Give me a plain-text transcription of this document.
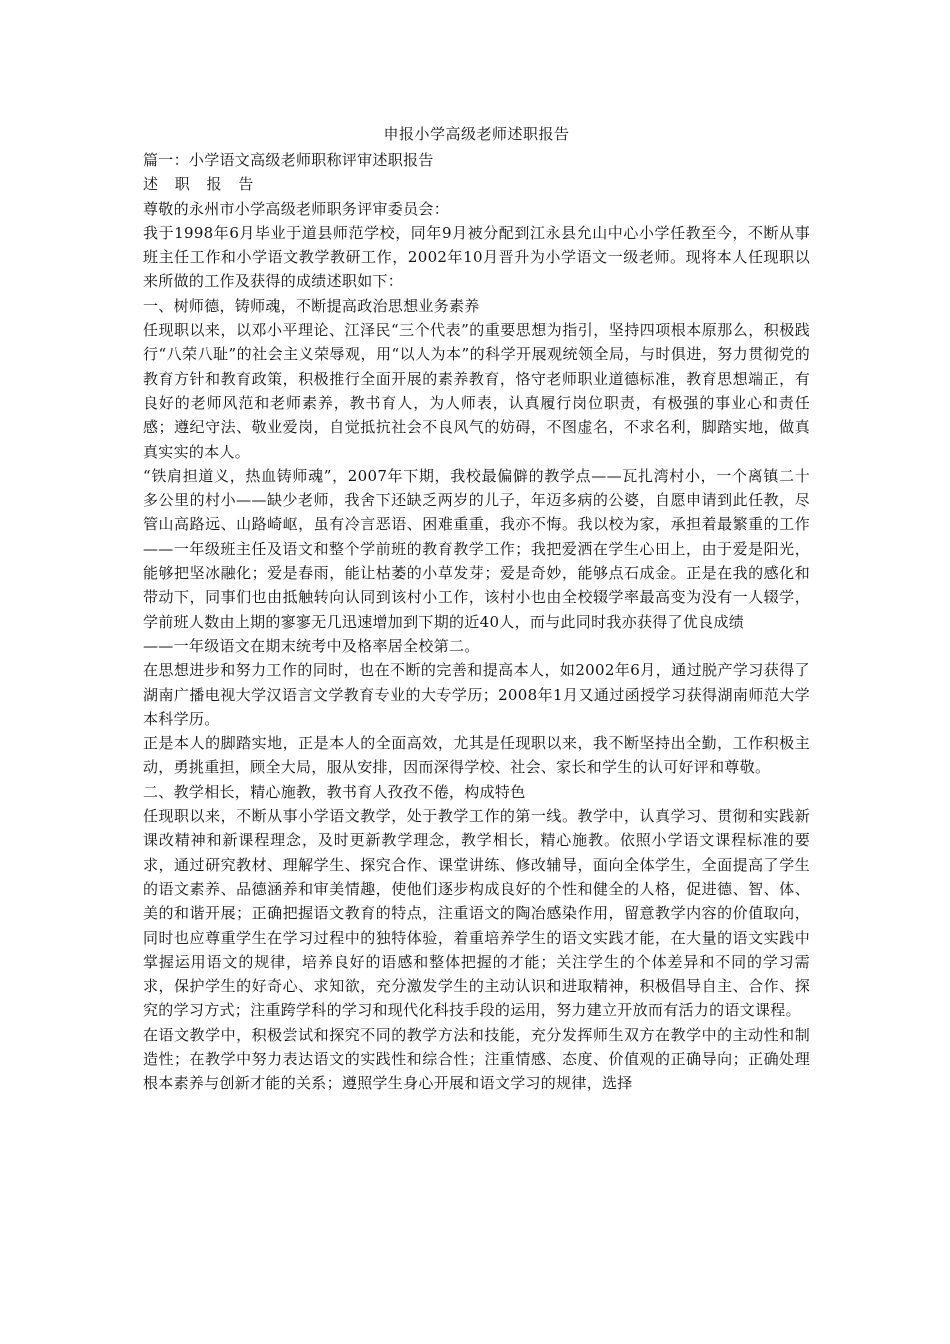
申报小学高级老师述职报告

篇一：小学语文高级老师职称评审述职报告

述 职 报 告

尊敬的永州市小学高级老师职务评审委员会：

我于1998年6月毕业于道县师范学校，同年9月被分配到江永县允山中心小学任教至今，不断从事班主任工作和小学语文教学教研工作，2002年10月晋升为小学语文一级老师。现将本人任现职以来所做的工作及获得的成绩述职如下：

一、树师德，铸师魂，不断提高政治思想业务素养

任现职以来，以邓小平理论、江泽民“三个代表”的重要思想为指引，坚持四项根本原那么，积极践行“八荣八耻”的社会主义荣辱观，用“以人为本”的科学开展观统领全局，与时俱进，努力贯彻党的教育方针和教育政策，积极推行全面开展的素养教育，恪守老师职业道德标准，教育思想端正，有良好的老师风范和老师素养，教书育人，为人师表，认真履行岗位职责，有极强的事业心和责任感；遵纪守法、敬业爱岗，自觉抵抗社会不良风气的妨碍，不图虚名，不求名利，脚踏实地，做真真实实的本人。

“铁肩担道义，热血铸师魂”，2007年下期，我校最偏僻的教学点——瓦扎湾村小，一个离镇二十多公里的村小——缺少老师，我舍下还缺乏两岁的儿子，年迈多病的公婆，自愿申请到此任教，尽管山高路远、山路崎岖，虽有冷言恶语、困难重重，我亦不悔。我以校为家，承担着最繁重的工作——一年级班主任及语文和整个学前班的教育教学工作；我把爱洒在学生心田上，由于爱是阳光，能够把坚冰融化；爱是春雨，能让枯萎的小草发芽；爱是奇妙，能够点石成金。正是在我的感化和带动下，同事们也由抵触转向认同到该村小工作，该村小也由全校辍学率最高变为没有一人辍学，学前班人数由上期的寥寥无几迅速增加到下期的近40人，而与此同时我亦获得了优良成绩

——一年级语文在期末统考中及格率居全校第二。

在思想进步和努力工作的同时，也在不断的完善和提高本人，如2002年6月，通过脱产学习获得了湖南广播电视大学汉语言文学教育专业的大专学历；2008年1月又通过函授学习获得湖南师范大学本科学历。

正是本人的脚踏实地，正是本人的全面高效，尤其是任现职以来，我不断坚持出全勤，工作积极主动，勇挑重担，顾全大局，服从安排，因而深得学校、社会、家长和学生的认可好评和尊敬。

二、教学相长，精心施教，教书育人孜孜不倦，构成特色

任现职以来，不断从事小学语文教学，处于教学工作的第一线。教学中，认真学习、贯彻和实践新课改精神和新课程理念，及时更新教学理念，教学相长，精心施教。依照小学语文课程标准的要求，通过研究教材、理解学生、探究合作、课堂讲练、修改辅导，面向全体学生，全面提高了学生的语文素养、品德涵养和审美情趣，使他们逐步构成良好的个性和健全的人格，促进德、智、体、美的和谐开展；正确把握语文教育的特点，注重语文的陶冶感染作用，留意教学内容的价值取向，同时也应尊重学生在学习过程中的独特体验，着重培养学生的语文实践才能，在大量的语文实践中掌握运用语文的规律，培养良好的语感和整体把握的才能；关注学生的个体差异和不同的学习需求，保护学生的好奇心、求知欲，充分激发学生的主动认识和进取精神，积极倡导自主、合作、探究的学习方式；注重跨学科的学习和现代化科技手段的运用，努力建立开放而有活力的语文课程。

在语文教学中，积极尝试和探究不同的教学方法和技能，充分发挥师生双方在教学中的主动性和制造性；在教学中努力表达语文的实践性和综合性；注重情感、态度、价值观的正确导向；正确处理根本素养与创新才能的关系；遵照学生身心开展和语文学习的规律，选择
